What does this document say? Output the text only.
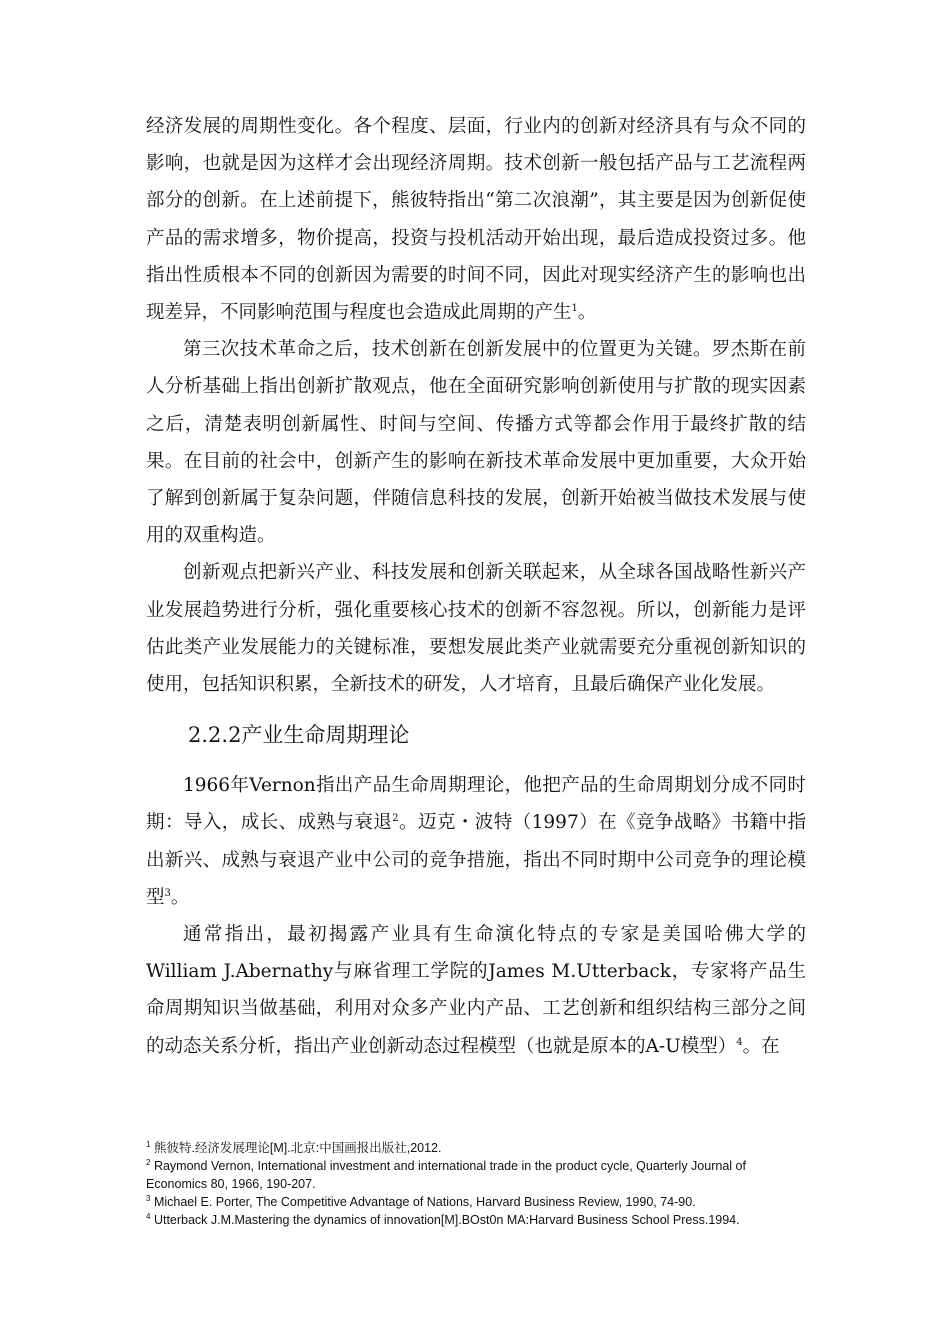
经济发展的周期性变化。各个程度、层面，行业内的创新对经济具有与众不同的影响，也就是因为这样才会出现经济周期。技术创新一般包括产品与工艺流程两部分的创新。在上述前提下，熊彼特指出“第二次浪潮”，其主要是因为创新促使产品的需求增多，物价提高，投资与投机活动开始出现，最后造成投资过多。他指出性质根本不同的创新因为需要的时间不同，因此对现实经济产生的影响也出现差异，不同影响范围与程度也会造成此周期的产生$^1$。

第三次技术革命之后，技术创新在创新发展中的位置更为关键。罗杰斯在前人分析基础上指出创新扩散观点，他在全面研究影响创新使用与扩散的现实因素之后，清楚表明创新属性、时间与空间、传播方式等都会作用于最终扩散的结果。在目前的社会中，创新产生的影响在新技术革命发展中更加重要，大众开始了解到创新属于复杂问题，伴随信息科技的发展，创新开始被当做技术发展与使用的双重构造。

创新观点把新兴产业、科技发展和创新关联起来，从全球各国战略性新兴产业发展趋势进行分析，强化重要核心技术的创新不容忽视。所以，创新能力是评估此类产业发展能力的关键标准，要想发展此类产业就需要充分重视创新知识的使用，包括知识积累，全新技术的研发，人才培育，且最后确保产业化发展。

2.2.2产业生命周期理论

1966年Vernon指出产品生命周期理论，他把产品的生命周期划分成不同时期：导入，成长、成熟与衰退$^2$。迈克・波特（1997）在《竞争战略》书籍中指出新兴、成熟与衰退产业中公司的竞争措施，指出不同时期中公司竞争的理论模型$^3$。

通常指出，最初揭露产业具有生命演化特点的专家是美国哈佛大学的William J.Abernathy与麻省理工学院的James M.Utterback，专家将产品生命周期知识当做基础，利用对众多产业内产品、工艺创新和组织结构三部分之间的动态关系分析，指出产业创新动态过程模型（也就是原本的A-U模型）$^4$。在

$^1$ 熊彼特.经济发展理论[M].北京:中国画报出版社,2012.

$^2$ Raymond Vernon, International investment and international trade in the product cycle, Quarterly Journal of Economics 80, 1966, 190-207.

$^3$ Michael E. Porter, The Competitive Advantage of Nations, Harvard Business Review, 1990, 74-90.

$^4$ Utterback J.M.Mastering the dynamics of innovation[M].BOst0n MA:Harvard Business School Press.1994.
